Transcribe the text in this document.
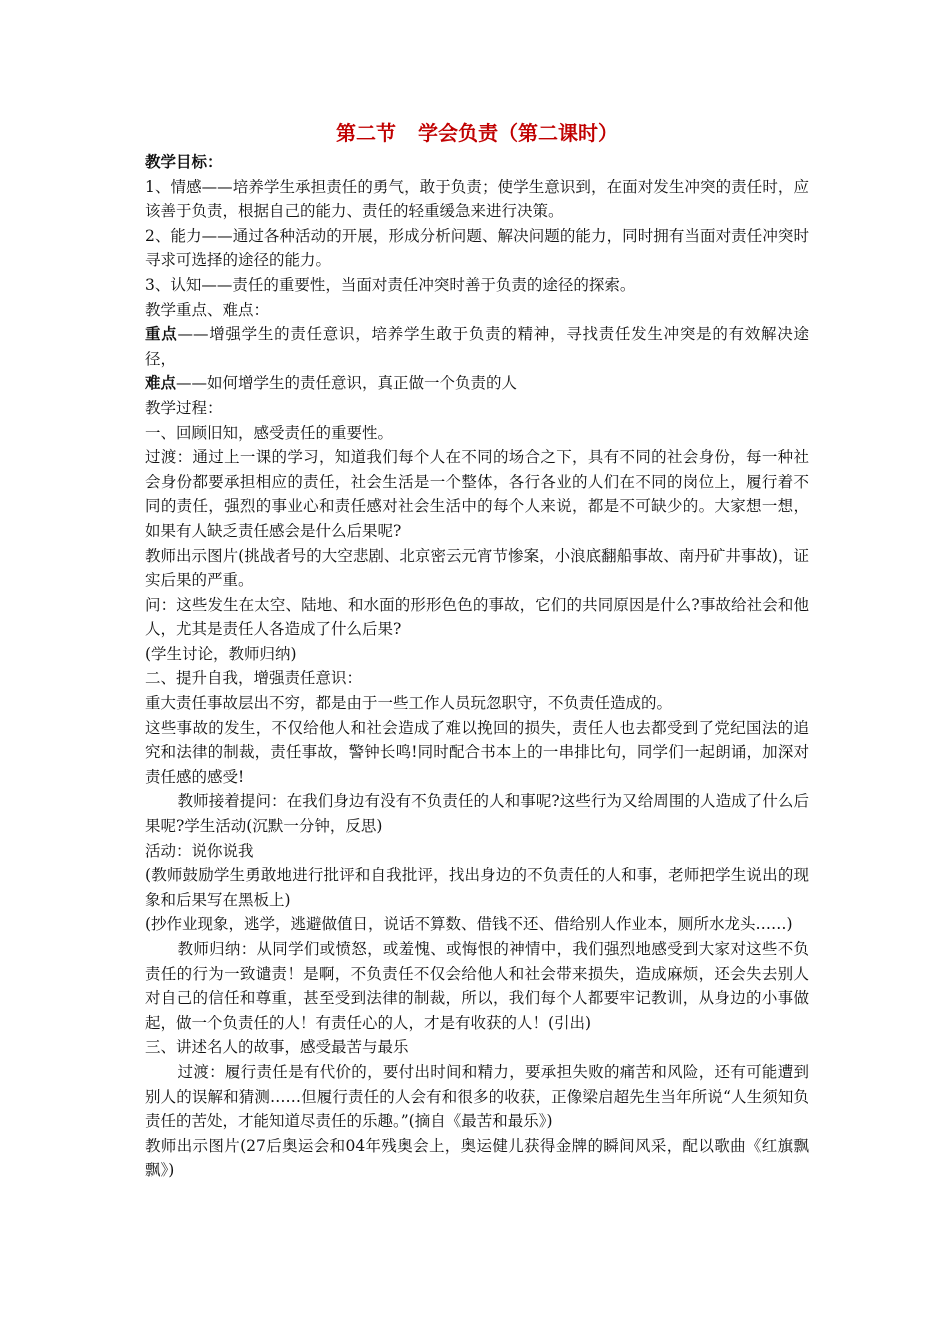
第二节 学会负责（第二课时）

教学目标：

1、情感——培养学生承担责任的勇气，敢于负责；使学生意识到，在面对发生冲突的责任时，应该善于负责，根据自己的能力、责任的轻重缓急来进行决策。

2、能力——通过各种活动的开展，形成分析问题、解决问题的能力，同时拥有当面对责任冲突时寻求可选择的途径的能力。

3、认知——责任的重要性，当面对责任冲突时善于负责的途径的探索。

教学重点、难点：

重点——增强学生的责任意识，培养学生敢于负责的精神，寻找责任发生冲突是的有效解决途径，

难点——如何增学生的责任意识，真正做一个负责的人

教学过程：

一、回顾旧知，感受责任的重要性。

过渡：通过上一课的学习，知道我们每个人在不同的场合之下，具有不同的社会身份，每一种社会身份都要承担相应的责任，社会生活是一个整体，各行各业的人们在不同的岗位上，履行着不同的责任，强烈的事业心和责任感对社会生活中的每个人来说，都是不可缺少的。大家想一想，如果有人缺乏责任感会是什么后果呢?

教师出示图片(挑战者号的大空悲剧、北京密云元宵节惨案，小浪底翻船事故、南丹矿井事故)，证实后果的严重。

问：这些发生在太空、陆地、和水面的形形色色的事故，它们的共同原因是什么?事故给社会和他人，尤其是责任人各造成了什么后果?

(学生讨论，教师归纳)

二、提升自我，增强责任意识：

重大责任事故层出不穷，都是由于一些工作人员玩忽职守，不负责任造成的。

这些事故的发生，不仅给他人和社会造成了难以挽回的损失，责任人也去都受到了党纪国法的追究和法律的制裁，责任事故，警钟长鸣!同时配合书本上的一串排比句，同学们一起朗诵，加深对责任感的感受!

教师接着提问：在我们身边有没有不负责任的人和事呢?这些行为又给周围的人造成了什么后果呢?学生活动(沉默一分钟，反思)

活动：说你说我

(教师鼓励学生勇敢地进行批评和自我批评，找出身边的不负责任的人和事，老师把学生说出的现象和后果写在黑板上)

(抄作业现象，逃学，逃避做值日，说话不算数、借钱不还、借给别人作业本，厕所水龙头……)

教师归纳：从同学们或愤怒，或羞愧、或悔恨的神情中，我们强烈地感受到大家对这些不负责任的行为一致谴责！是啊，不负责任不仅会给他人和社会带来损失，造成麻烦，还会失去别人对自己的信任和尊重，甚至受到法律的制裁，所以，我们每个人都要牢记教训，从身边的小事做起，做一个负责任的人！有责任心的人，才是有收获的人！(引出)

三、讲述名人的故事，感受最苦与最乐

过渡：履行责任是有代价的，要付出时间和精力，要承担失败的痛苦和风险，还有可能遭到别人的误解和猜测……但履行责任的人会有和很多的收获，正像梁启超先生当年所说“人生须知负责任的苦处，才能知道尽责任的乐趣。”(摘自《最苦和最乐》)

教师出示图片(27后奥运会和04年残奥会上，奥运健儿获得金牌的瞬间风采，配以歌曲《红旗飘飘》)
